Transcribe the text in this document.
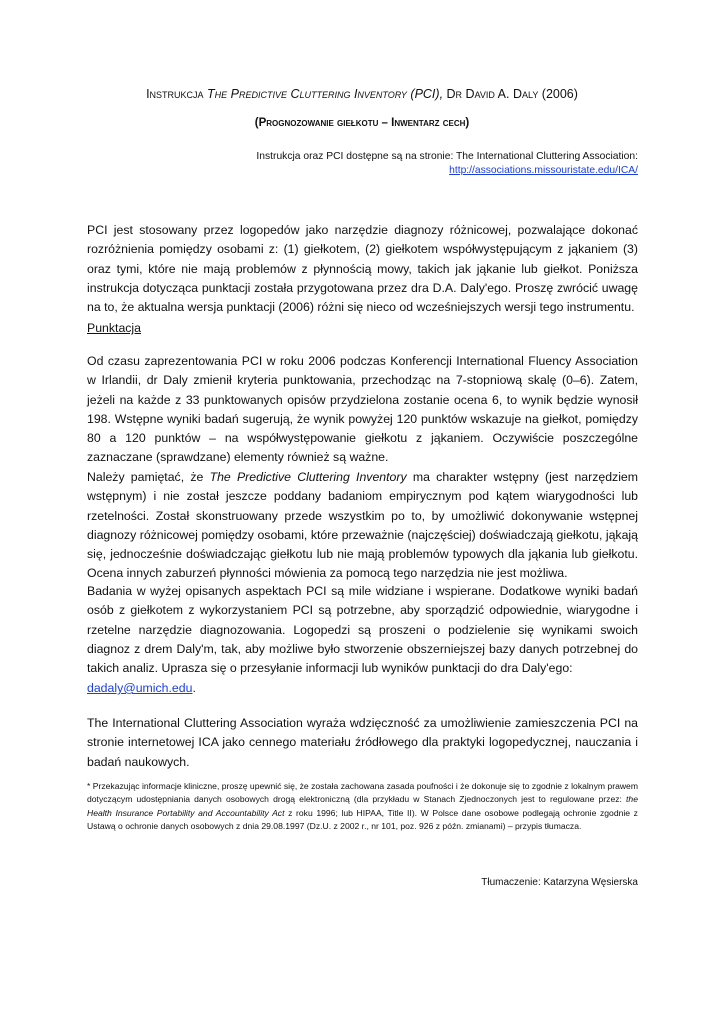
Instrukcja The Predictive Cluttering Inventory (PCI), Dr David A. Daly (2006)
(Prognozowanie giełkotu – Inwentarz cech)
Instrukcja oraz PCI dostępne są na stronie: The International Cluttering Association:
http://associations.missouristate.edu/ICA/
PCI jest stosowany przez logopedów jako narzędzie diagnozy różnicowej, pozwalające dokonać rozróżnienia pomiędzy osobami z: (1) giełkotem, (2) giełkotem współwystępującym z jąkaniem (3) oraz tymi, które nie mają problemów z płynnością mowy, takich jak jąkanie lub giełkot. Poniższa instrukcja dotycząca punktacji została przygotowana przez dra D.A. Daly'ego. Proszę zwrócić uwagę na to, że aktualna wersja punktacji (2006) różni się nieco od wcześniejszych wersji tego instrumentu.
Punktacja
Od czasu zaprezentowania PCI w roku 2006 podczas Konferencji International Fluency Association w Irlandii, dr Daly zmienił kryteria punktowania, przechodząc na 7-stopniową skalę (0–6). Zatem, jeżeli na każde z 33 punktowanych opisów przydzielona zostanie ocena 6, to wynik będzie wynosił 198. Wstępne wyniki badań sugerują, że wynik powyżej 120 punktów wskazuje na giełkot, pomiędzy 80 a 120 punktów – na współwystępowanie giełkotu z jąkaniem. Oczywiście poszczególne zaznaczane (sprawdzane) elementy również są ważne.
Należy pamiętać, że The Predictive Cluttering Inventory ma charakter wstępny (jest narzędziem wstępnym) i nie został jeszcze poddany badaniom empirycznym pod kątem wiarygodności lub rzetelności. Został skonstruowany przede wszystkim po to, by umożliwić dokonywanie wstępnej diagnozy różnicowej pomiędzy osobami, które przeważnie (najczęściej) doświadczają giełkotu, jąkają się, jednocześnie doświadczając giełkotu lub nie mają problemów typowych dla jąkania lub giełkotu. Ocena innych zaburzeń płynności mówienia za pomocą tego narzędzia nie jest możliwa.
Badania w wyżej opisanych aspektach PCI są mile widziane i wspierane. Dodatkowe wyniki badań osób z giełkotem z wykorzystaniem PCI są potrzebne, aby sporządzić odpowiednie, wiarygodne i rzetelne narzędzie diagnozowania. Logopedzi są proszeni o podzielenie się wynikami swoich diagnoz z drem Daly'm, tak, aby możliwe było stworzenie obszerniejszej bazy danych potrzebnej do takich analiz. Uprasza się o przesyłanie informacji lub wyników punktacji do dra Daly'ego:
dadaly@umich.edu.
The International Cluttering Association wyraża wdzięczność za umożliwienie zamieszczenia PCI na stronie internetowej ICA jako cennego materiału źródłowego dla praktyki logopedycznej, nauczania i badań naukowych.
* Przekazując informacje kliniczne, proszę upewnić się, że została zachowana zasada poufności i że dokonuje się to zgodnie z lokalnym prawem dotyczącym udostępniania danych osobowych drogą elektroniczną (dla przykładu w Stanach Zjednoczonych jest to regulowane przez: the Health Insurance Portability and Accountability Act z roku 1996; lub HIPAA, Title II). W Polsce dane osobowe podlegają ochronie zgodnie z Ustawą o ochronie danych osobowych z dnia 29.08.1997 (Dz.U. z 2002 r., nr 101, poz. 926 z późn. zmianami) – przypis tłumacza.
Tłumaczenie: Katarzyna Węsierska
